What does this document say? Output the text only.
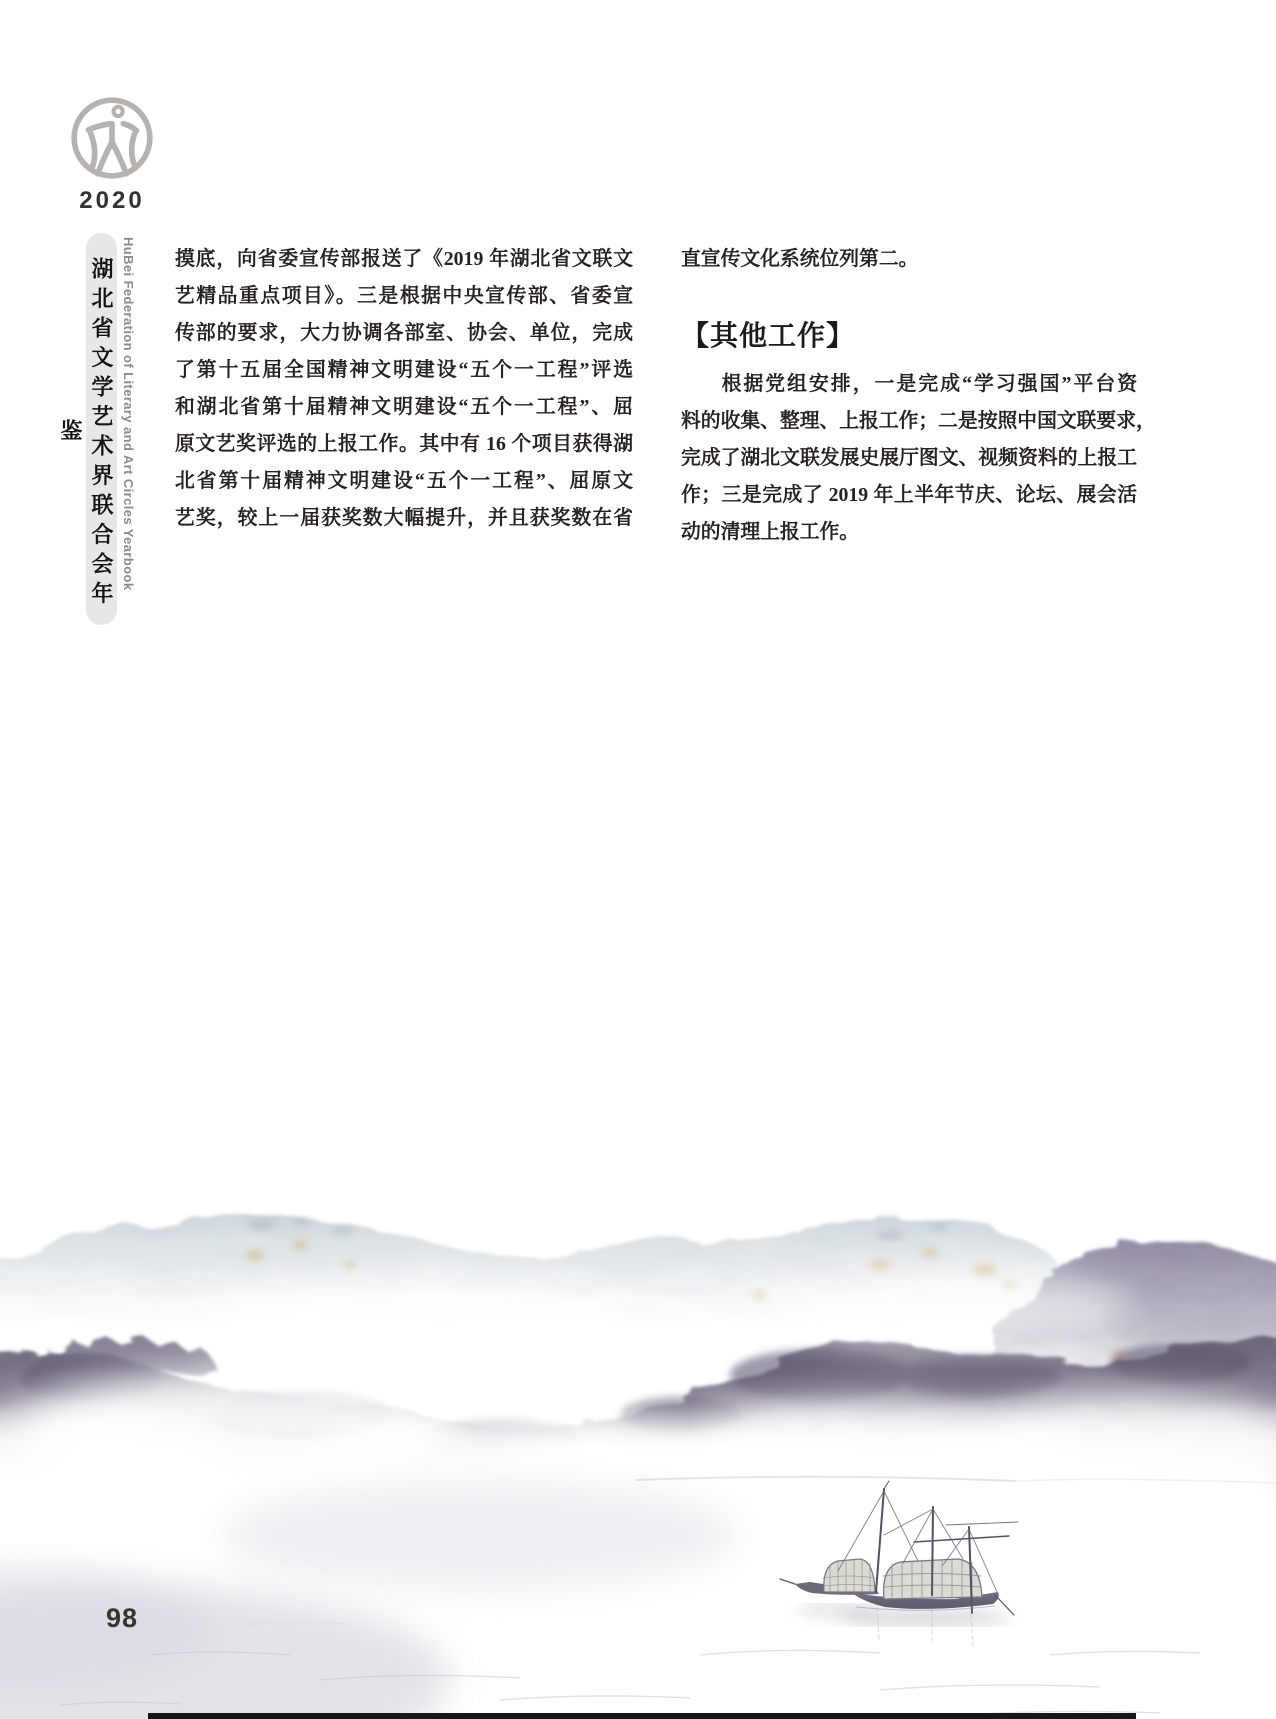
2020
湖北省文学艺术界联合会年鉴	HuBei Federation of Literary and Art Circles Yearbook 摸底，向省委宣传部报送了《2019 年湖北省文联文
艺精品重点项目》。三是根据中央宣传部、省委宣
传部的要求，大力协调各部室、协会、单位，完成
了第十五届全国精神文明建设“五个一工程”评选
和湖北省第十届精神文明建设“五个一工程”、屈
原文艺奖评选的上报工作。其中有 16 个项目获得湖
北省第十届精神文明建设“五个一工程”、屈原文
艺奖，较上一届获奖数大幅提升，并且获奖数在省
直宣传文化系统位列第二。
【其他工作】
根据党组安排，一是完成“学习强国”平台资
料的收集、整理、上报工作；二是按照中国文联要求，
完成了湖北文联发展史展厅图文、视频资料的上报工
作；三是完成了 2019 年上半年节庆、论坛、展会活
动的清理上报工作。
98
